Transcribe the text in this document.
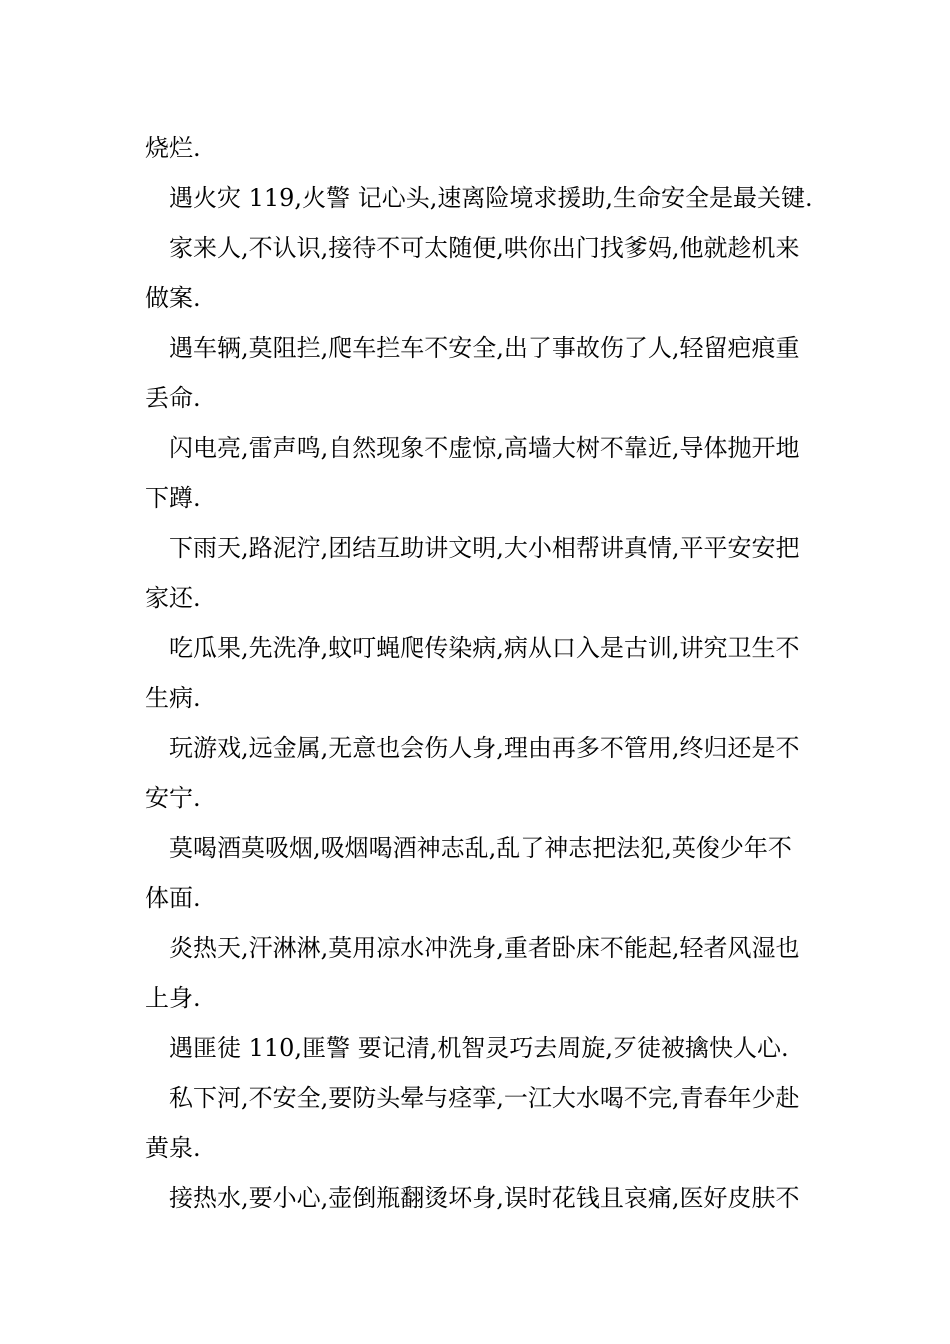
烧烂.
遇火灾 119,火警 记心头,速离险境求援助,生命安全是最关键.
家来人,不认识,接待不可太随便,哄你出门找爹妈,他就趁机来
做案.
遇车辆,莫阻拦,爬车拦车不安全,出了事故伤了人,轻留疤痕重
丢命.
闪电亮,雷声鸣,自然现象不虚惊,高墙大树不靠近,导体抛开地
下蹲.
下雨天,路泥泞,团结互助讲文明,大小相帮讲真情,平平安安把
家还.
吃瓜果,先洗净,蚊叮蝇爬传染病,病从口入是古训,讲究卫生不
生病.
玩游戏,远金属,无意也会伤人身,理由再多不管用,终归还是不
安宁.
莫喝酒莫吸烟,吸烟喝酒神志乱,乱了神志把法犯,英俊少年不
体面.
炎热天,汗淋淋,莫用凉水冲洗身,重者卧床不能起,轻者风湿也
上身.
遇匪徒 110,匪警 要记清,机智灵巧去周旋,歹徒被擒快人心.
私下河,不安全,要防头晕与痉挛,一江大水喝不完,青春年少赴
黄泉.
接热水,要小心,壶倒瓶翻烫坏身,误时花钱且哀痛,医好皮肤不
